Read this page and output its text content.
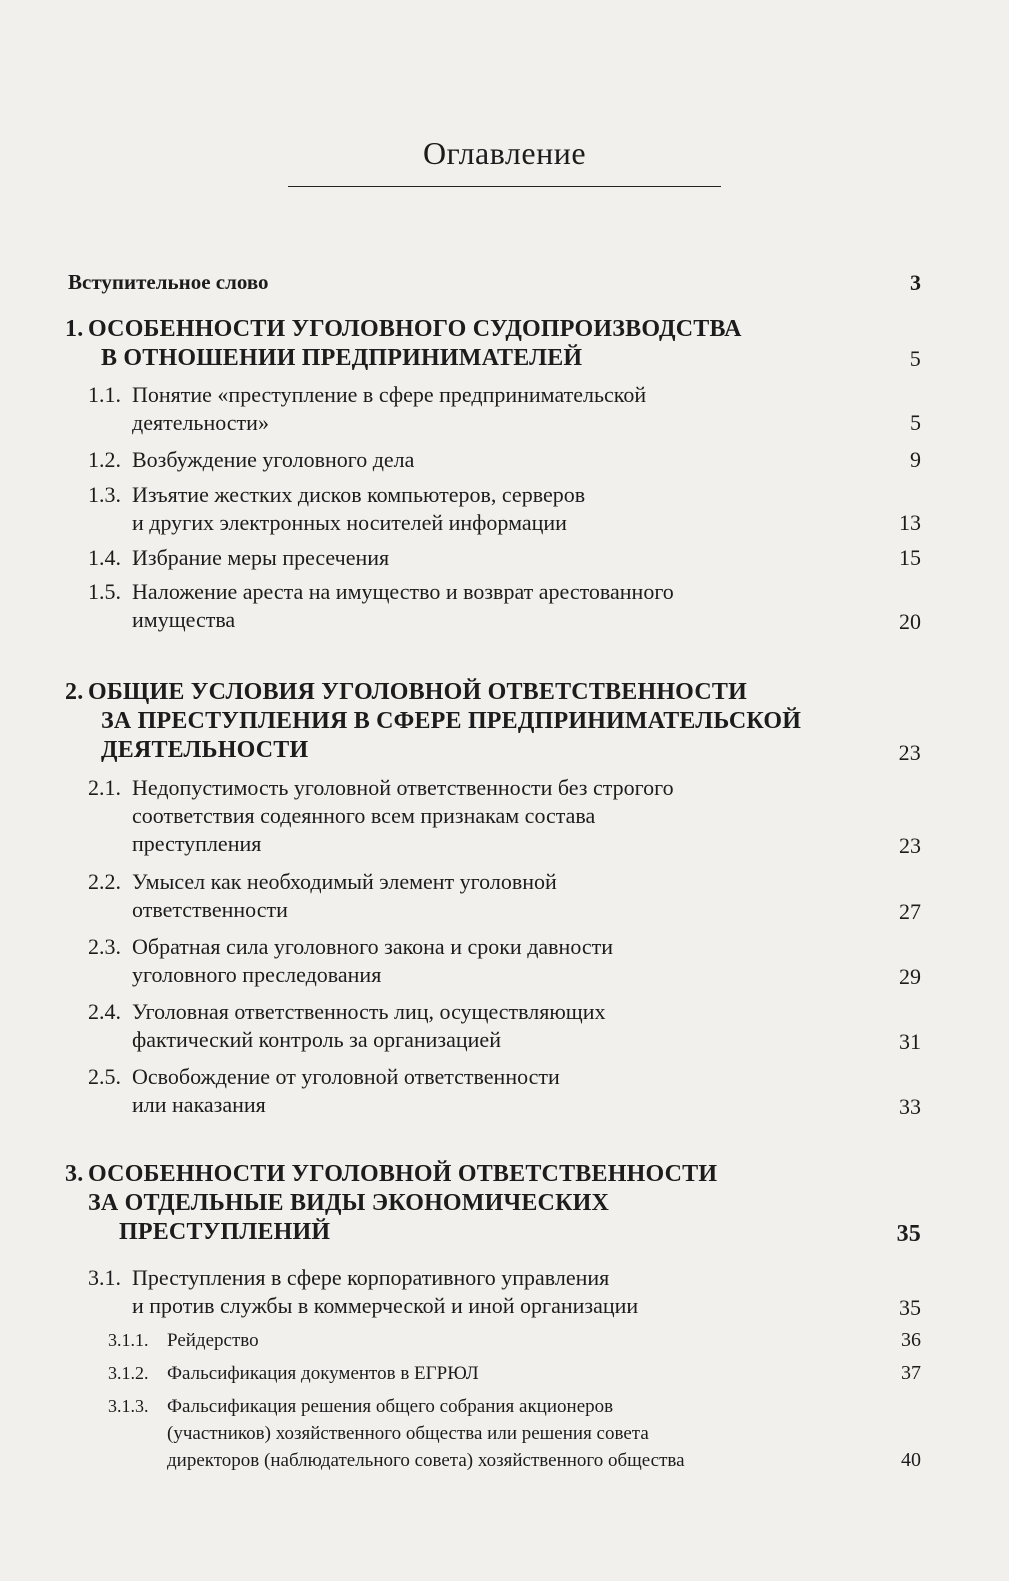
Оглавление
Вступительное слово	3
1. ОСОБЕННОСТИ УГОЛОВНОГО СУДОПРОИЗВОДСТВА
В ОТНОШЕНИИ ПРЕДПРИНИМАТЕЛЕЙ	5
1.1. Понятие «преступление в сфере предпринимательской
деятельности»	5
1.2. Возбуждение уголовного дела	9
1.3. Изъятие жестких дисков компьютеров, серверов
и других электронных носителей информации	13
1.4. Избрание меры пресечения	15
1.5. Наложение ареста на имущество и возврат арестованного
имущества	20
2. ОБЩИЕ УСЛОВИЯ УГОЛОВНОЙ ОТВЕТСТВЕННОСТИ
ЗА ПРЕСТУПЛЕНИЯ В СФЕРЕ ПРЕДПРИНИМАТЕЛЬСКОЙ
ДЕЯТЕЛЬНОСТИ	23
2.1. Недопустимость уголовной ответственности без строгого
соответствия содеянного всем признакам состава
преступления	23
2.2. Умысел как необходимый элемент уголовной
ответственности	27
2.3. Обратная сила уголовного закона и сроки давности
уголовного преследования	29
2.4. Уголовная ответственность лиц, осуществляющих
фактический контроль за организацией	31
2.5. Освобождение от уголовной ответственности
или наказания	33
3. ОСОБЕННОСТИ УГОЛОВНОЙ ОТВЕТСТВЕННОСТИ
ЗА ОТДЕЛЬНЫЕ ВИДЫ ЭКОНОМИЧЕСКИХ
ПРЕСТУПЛЕНИЙ	35
3.1. Преступления в сфере корпоративного управления
и против службы в коммерческой и иной организации	35
3.1.1. Рейдерство	36
3.1.2. Фальсификация документов в ЕГРЮЛ	37
3.1.3. Фальсификация решения общего собрания акционеров
(участников) хозяйственного общества или решения совета
директоров (наблюдательного совета) хозяйственного общества	40
